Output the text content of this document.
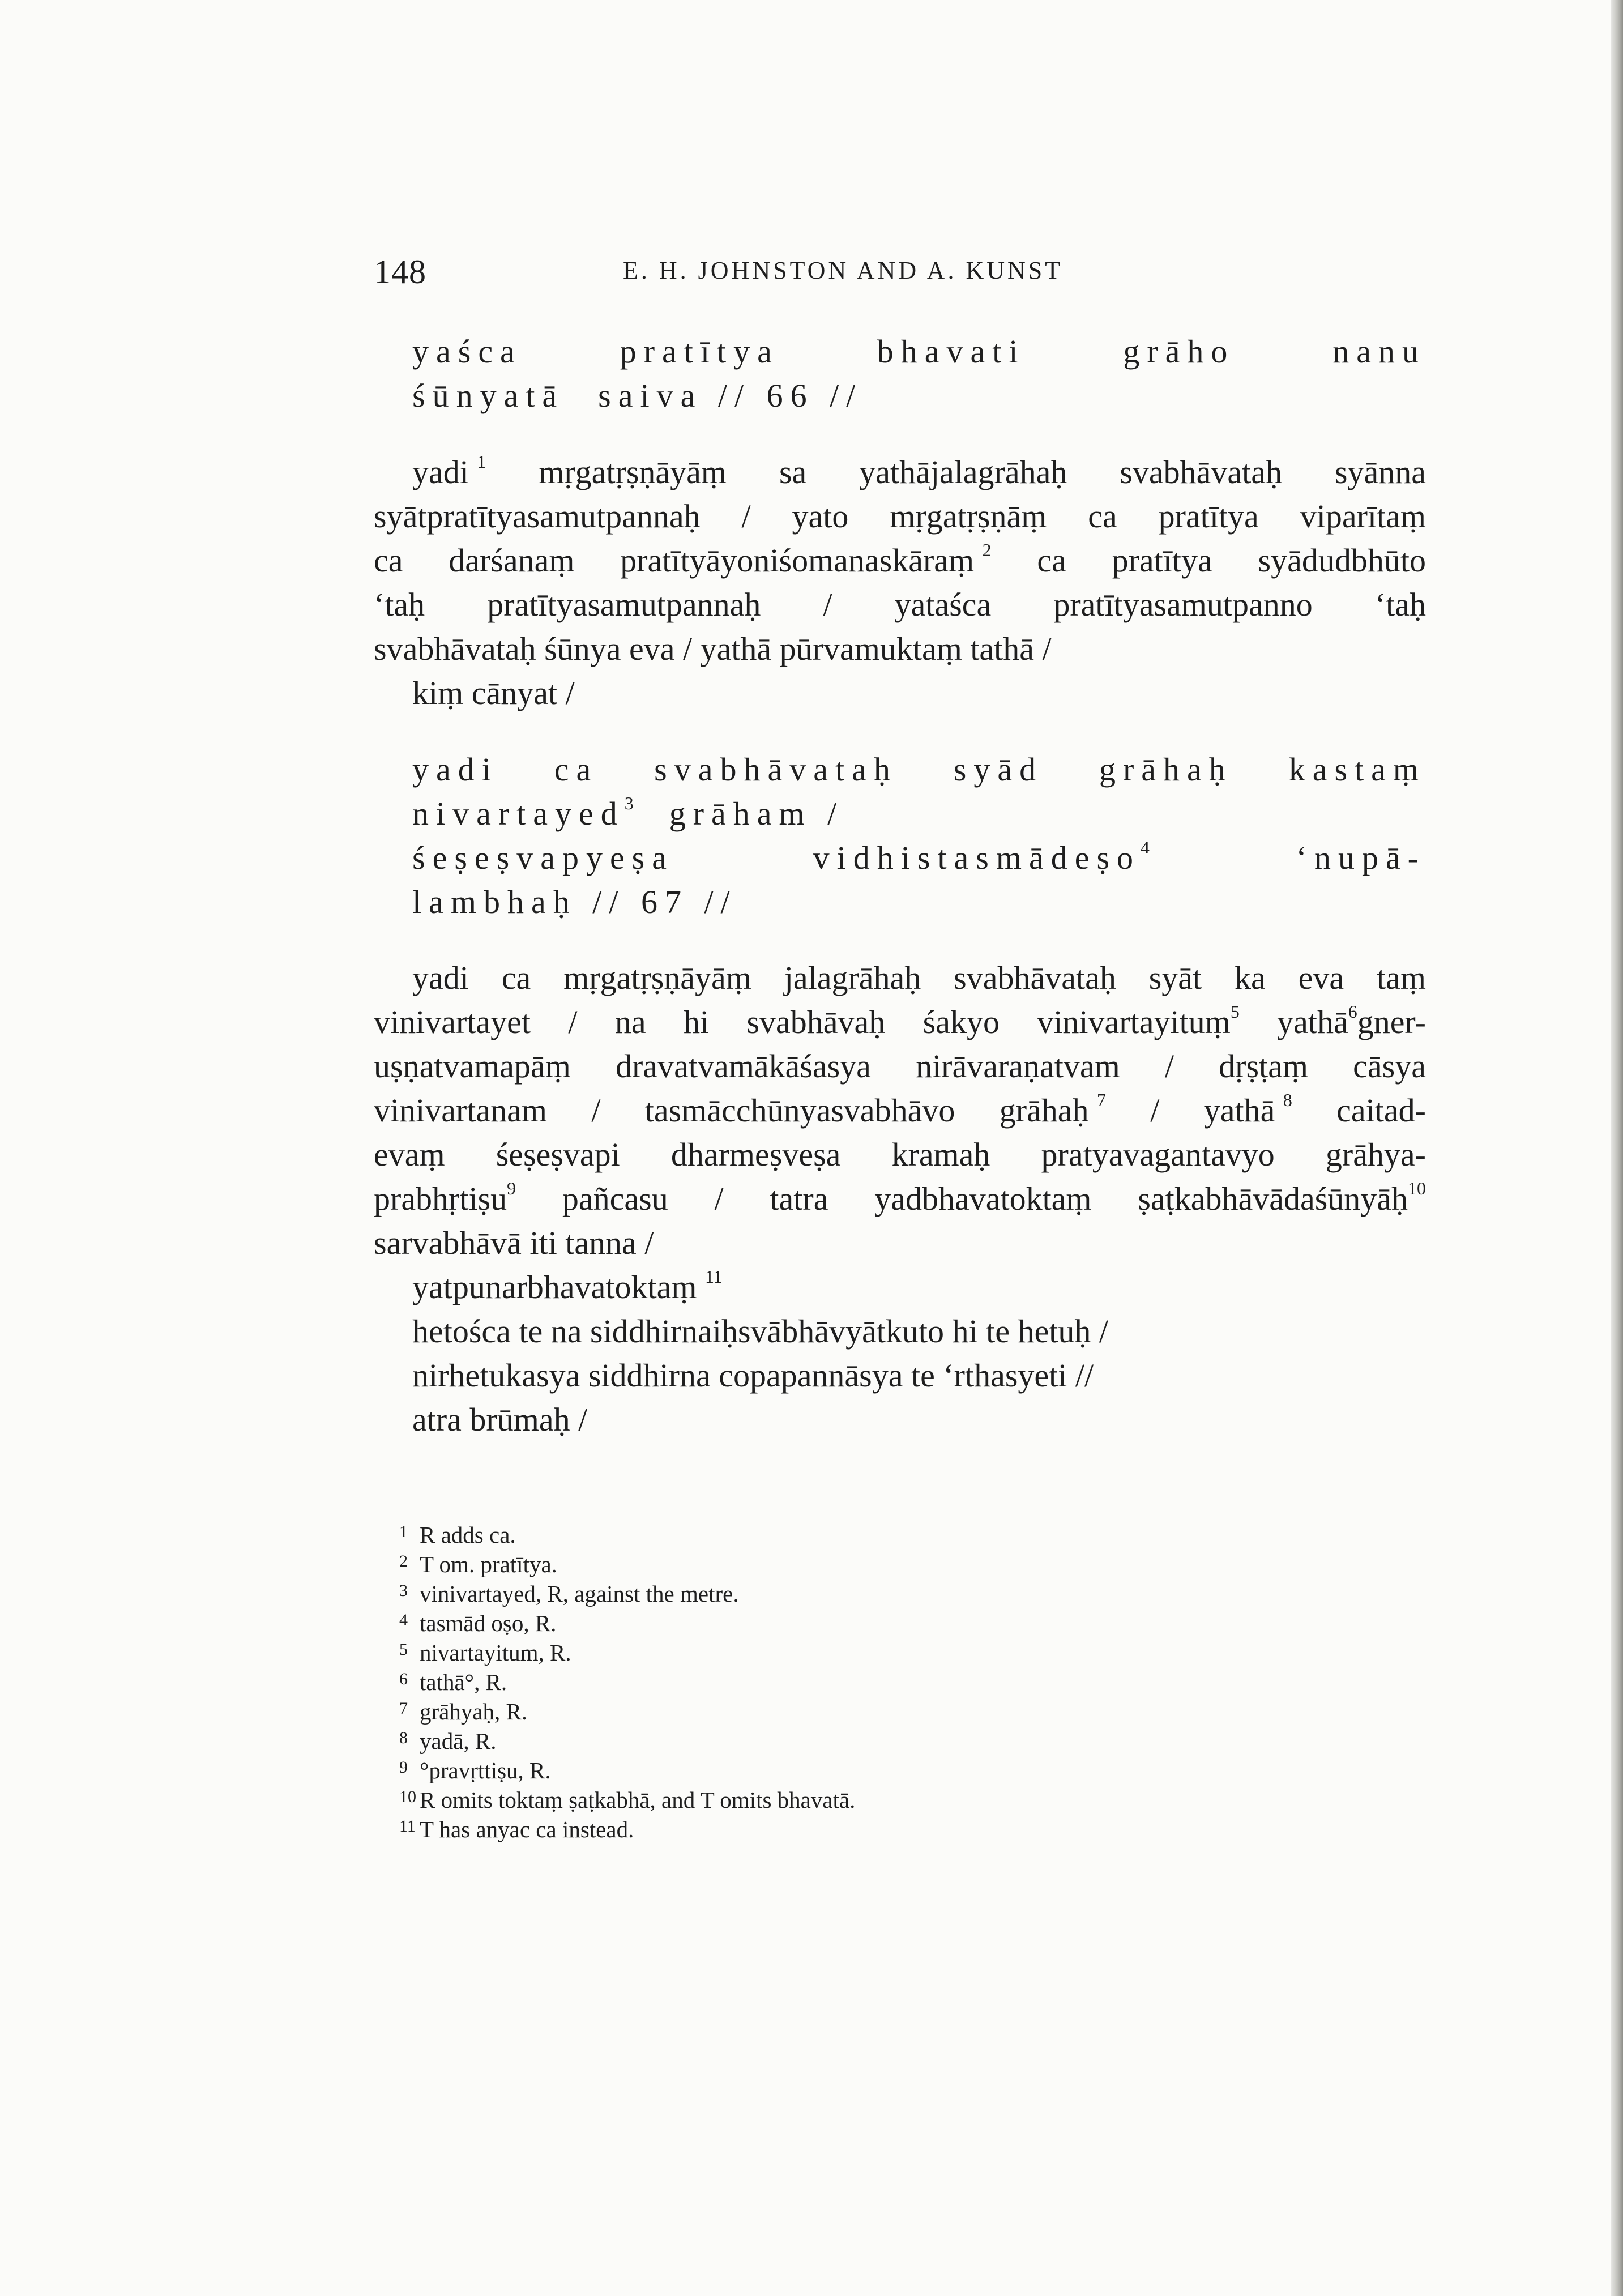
148	E. H. JOHNSTON AND A. KUNST
yaśca	pratītya	bhavati	grāho	nanu
śūnyatā saiva // 66 //
yadi $^1$ mṛgatṛṣṇāyāṃ sa yathājalagrāhaḥ svabhāvataḥ syānna
syātpratītyasamutpannaḥ / yato mṛgatṛṣṇāṃ ca pratītya viparītaṃ
ca darśanaṃ pratītyāyoniśomanaskāraṃ $^2$ ca pratītya syādudbhūto
‘taḥ pratītyasamutpannaḥ / yataśca pratītyasamutpanno ‘taḥ
svabhāvataḥ śūnya eva / yathā pūrvamuktaṃ tathā /
kiṃ cānyat /
yadi ca svabhāvataḥ syād grāhaḥ kastaṃ
nivartayed$^3$ grāham /
śeṣeṣvapyeṣa	vidhistasmādeṣo$^4$	‘nupā-
lambhaḥ // 67 //
yadi ca mṛgatṛṣṇāyāṃ jalagrāhaḥ svabhāvataḥ syāt ka eva taṃ
vinivartayet / na hi svabhāvaḥ śakyo vinivartayituṃ$^5$ yathā$^6$gner-
uṣṇatvamapāṃ dravatvamākāśasya nirāvaraṇatvam / dṛṣṭaṃ cāsya
vinivartanam / tasmācchūnyasvabhāvo grāhaḥ $^7$ / yathā $^8$ caitad-
evaṃ śeṣeṣvapi dharmeṣveṣa kramaḥ pratyavagantavyo grāhya-
prabhṛtiṣu$^9$ pañcasu / tatra yadbhavatoktaṃ ṣaṭkabhāvādaśūnyāḥ$^{10}$
sarvabhāvā iti tanna /
yatpunarbhavatoktaṃ $^{11}$
hetośca te na siddhirnaiḥsvābhāvyātkuto hi te hetuḥ /
nirhetukasya siddhirna copapannāsya te ‘rthasyeti //
atra brūmaḥ /
1 R adds ca.
2 T om. pratītya.
3 vinivartayed, R, against the metre.
4 tasmād oṣo, R.
5 nivartayitum, R.
6 tathā°, R.
7 grāhyaḥ, R.
8 yadā, R.
9 °pravṛttiṣu, R.
10 R omits toktaṃ ṣaṭkabhā, and T omits bhavatā.
11 T has anyac ca instead.
